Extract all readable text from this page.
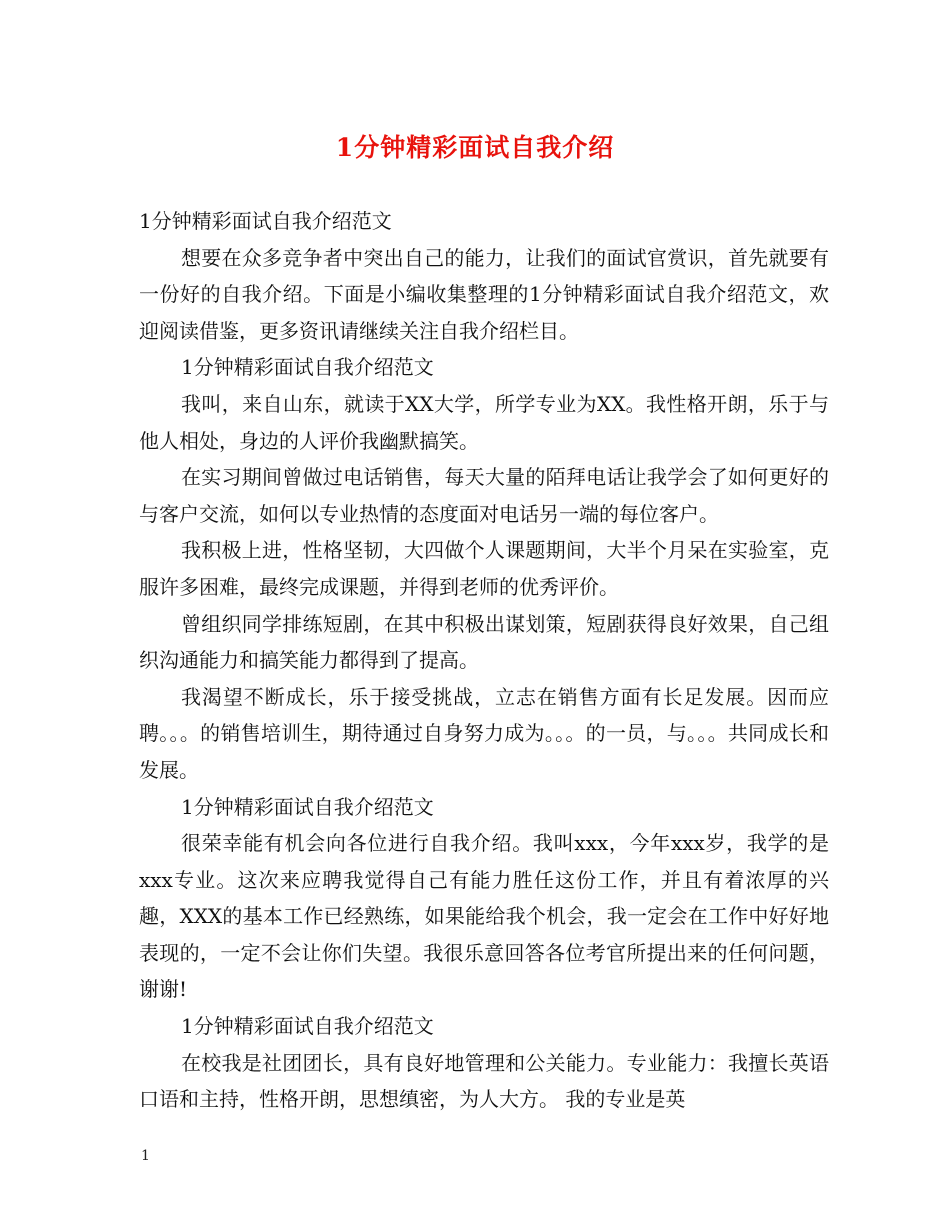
1分钟精彩面试自我介绍

1分钟精彩面试自我介绍范文

想要在众多竞争者中突出自己的能力，让我们的面试官赏识，首先就要有一份好的自我介绍。下面是小编收集整理的1分钟精彩面试自我介绍范文，欢迎阅读借鉴，更多资讯请继续关注自我介绍栏目。

1分钟精彩面试自我介绍范文

我叫，来自山东，就读于XX大学，所学专业为XX。我性格开朗，乐于与他人相处，身边的人评价我幽默搞笑。

在实习期间曾做过电话销售，每天大量的陌拜电话让我学会了如何更好的与客户交流，如何以专业热情的态度面对电话另一端的每位客户。

我积极上进，性格坚韧，大四做个人课题期间，大半个月呆在实验室，克服许多困难，最终完成课题，并得到老师的优秀评价。

曾组织同学排练短剧，在其中积极出谋划策，短剧获得良好效果，自己组织沟通能力和搞笑能力都得到了提高。

我渴望不断成长，乐于接受挑战，立志在销售方面有长足发展。因而应聘。。。的销售培训生，期待通过自身努力成为。。。的一员，与。。。共同成长和发展。

1分钟精彩面试自我介绍范文

很荣幸能有机会向各位进行自我介绍。我叫xxx，今年xxx岁，我学的是xxx专业。这次来应聘我觉得自己有能力胜任这份工作，并且有着浓厚的兴趣，XXX的基本工作已经熟练，如果能给我个机会，我一定会在工作中好好地表现的，一定不会让你们失望。我很乐意回答各位考官所提出来的任何问题，谢谢!

1分钟精彩面试自我介绍范文

在校我是社团团长，具有良好地管理和公关能力。专业能力：我擅长英语口语和主持，性格开朗，思想缜密，为人大方。 我的专业是英

1
